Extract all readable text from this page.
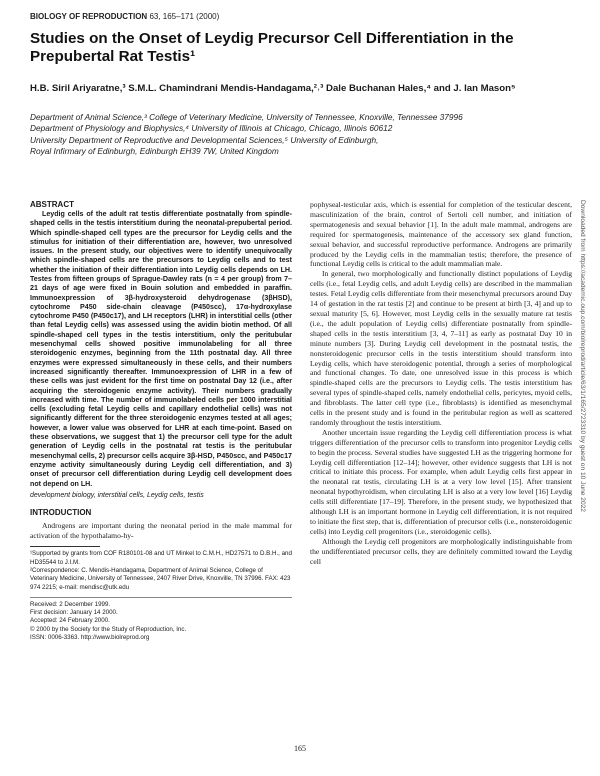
BIOLOGY OF REPRODUCTION 63, 165–171 (2000)
Studies on the Onset of Leydig Precursor Cell Differentiation in the Prepubertal Rat Testis¹

H.B. Siril Ariyaratne,³ S.M.L. Chamindrani Mendis-Handagama,²˒³ Dale Buchanan Hales,⁴ and J. Ian Mason⁵

Department of Animal Science,³ College of Veterinary Medicine, University of Tennessee, Knoxville, Tennessee 37996
Department of Physiology and Biophysics,⁴ University of Illinois at Chicago, Chicago, Illinois 60612
University Department of Reproductive and Developmental Sciences,⁵ University of Edinburgh,
Royal Infirmary of Edinburgh, Edinburgh EH39 7W, United Kingdom

ABSTRACT

Leydig cells of the adult rat testis differentiate postnatally from spindle-shaped cells in the testis interstitium during the neonatal-prepubertal period. Which spindle-shaped cell types are the precursor for Leydig cells and the stimulus for initiation of their differentiation are, however, two unresolved issues. In the present study, our objectives were to identify unequivocally which spindle-shaped cells are the precursors to Leydig cells and to test whether the initiation of their differentiation into Leydig cells depends on LH. Testes from fifteen groups of Sprague-Dawley rats (n = 4 per group) from 7–21 days of age were fixed in Bouin solution and embedded in paraffin. Immunoexpression of 3β-hydroxysteroid dehydrogenase (3βHSD), cytochrome P450 side-chain cleavage (P450scc), 17α-hydroxylase cytochrome P450 (P450c17), and LH receptors (LHR) in interstitial cells (other than fetal Leydig cells) was assessed using the avidin biotin method. Of all spindle-shaped cell types in the testis interstitium, only the peritubular mesenchymal cells showed positive immunolabeling for all three steroidogenic enzymes, beginning from the 11th postnatal day. All three enzymes were expressed simultaneously in these cells, and their numbers increased significantly thereafter. Immunoexpression of LHR in a few of these cells was just evident for the first time on postnatal Day 12 (i.e., after acquiring the steroidogenic enzyme activity). Their numbers gradually increased with time. The number of immunolabeled cells per 1000 interstitial cells (excluding fetal Leydig cells and capillary endothelial cells) was not significantly different for the three steroidogenic enzymes tested at all ages; however, a lower value was observed for LHR at each time-point. Based on these observations, we suggest that 1) the precursor cell type for the adult generation of Leydig cells in the postnatal rat testis is the peritubular mesenchymal cells, 2) precursor cells acquire 3β-HSD, P450scc, and P450c17 enzyme activity simultaneously during Leydig cell differentiation, and 3) onset of precursor cell differentiation during Leydig cell development does not depend on LH.

development biology, interstitial cells, Leydig cells, testis

INTRODUCTION

Androgens are important during the neonatal period in the male mammal for activation of the hypothalamo-hy-

¹Supported by grants from COF R180101-08 and UT Minkel to C.M.H., HD27571 to D.B.H., and HD35544 to J.I.M.

²Correspondence: C. Mendis-Handagama, Department of Animal Science, College of Veterinary Medicine, University of Tennessee, 2407 River Drive, Knoxville, TN 37996. FAX: 423 974 2215; e-mail: mendisc@utk.edu

Received: 2 December 1999.
First decision: January 14 2000.
Accepted: 24 February 2000.
© 2000 by the Society for the Study of Reproduction, Inc.
ISSN: 0006-3363. http://www.biolreprod.org

pophyseal-testicular axis, which is essential for completion of the testicular descent, masculinization of the brain, control of Sertoli cell number, and initiation of spermatogenesis and sexual behavior [1]. In the adult male mammal, androgens are required for spermatogenesis, maintenance of the accessory sex gland function, sexual behavior, and successful reproductive performance. Androgens are primarily produced by the Leydig cells in the mammalian testis; therefore, the presence of functional Leydig cells is critical to the adult mammalian male.

In general, two morphologically and functionally distinct populations of Leydig cells (i.e., fetal Leydig cells, and adult Leydig cells) are described in the mammalian testes. Fetal Leydig cells differentiate from their mesenchymal precursors around Day 14 of gestation in the rat testis [2] and continue to be present at birth [3, 4] and up to sexual maturity [5, 6]. However, most Leydig cells in the sexually mature rat testis (i.e., the adult population of Leydig cells) differentiate postnatally from spindle-shaped cells in the testis interstitium [3, 4, 7–11] as early as postnatal Day 10 in minute numbers [3]. During Leydig cell development in the postnatal testis, the nonsteroidogenic precursor cells in the testis interstitium should transform into Leydig cells, which have steroidogenic potential, through a series of morphological and functional changes. To date, one unresolved issue in this process is which spindle-shaped cells are the precursors to Leydig cells. The testis interstitium has several types of spindle-shaped cells, namely endothelial cells, pericytes, myoid cells, and fibroblasts. The latter cell type (i.e., fibroblasts) is identified as mesenchymal cells in the present study and is found in the peritubular region as well as scattered randomly throughout the testis interstitium.

Another uncertain issue regarding the Leydig cell differentiation process is what triggers differentiation of the precursor cells to transform into progenitor Leydig cells to begin the process. Several studies have suggested LH as the triggering hormone for Leydig cell differentiation [12–14]; however, other evidence suggests that LH is not critical to initiate this process. For example, when adult Leydig cells first appear in the neonatal rat testis, circulating LH is at a very low level [15]. After transient neonatal hypothyroidism, when circulating LH is also at a very low level [16] Leydig cells still differentiate [17–19]. Therefore, in the present study, we hypothesized that although LH is an important hormone in Leydig cell differentiation, it is not required to initiate the first step, that is, differentiation of precursor cells (i.e., nonsteroidogenic cells) into Leydig cell progenitors (i.e., steroidogenic cells).

Although the Leydig cell progenitors are morphologically indistinguishable from the undifferentiated precursor cells, they are definitely committed toward the Leydig cell

Downloaded from https://academic.oup.com/biolreprod/article/63/1/165/2723310 by guest on 10 June 2022
165
